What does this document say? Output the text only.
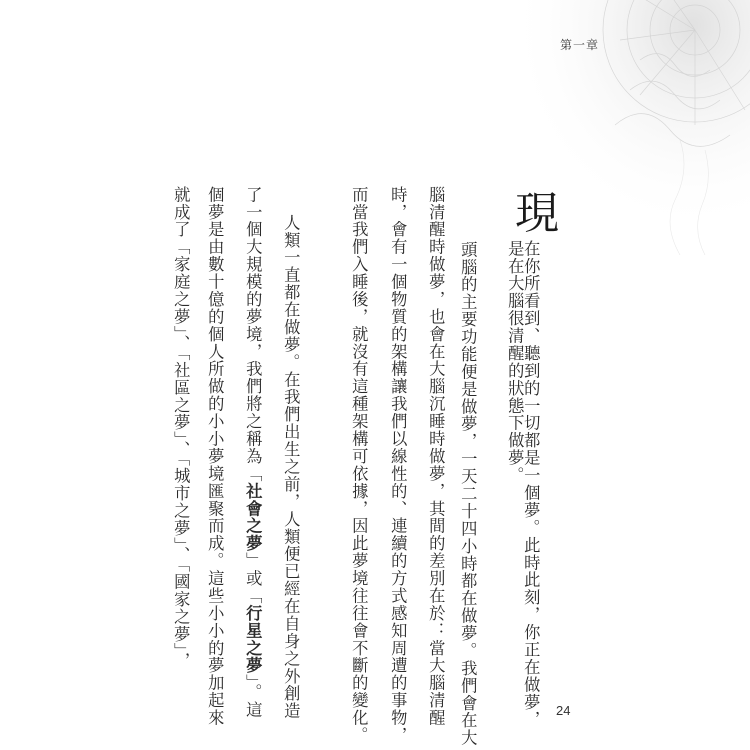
第一章
現
在你所看到、聽到的一切都是一個夢。此時此刻，你正在做夢，
是在大腦很清醒的狀態下做夢。
頭腦的主要功能便是做夢，一天二十四小時都在做夢。我們會在大
腦清醒時做夢，也會在大腦沉睡時做夢，其間的差別在於：當大腦清醒
時，會有一個物質的架構讓我們以線性的、連續的方式感知周遭的事物，
而當我們入睡後，就沒有這種架構可依據，因此夢境往往會不斷的變化。
人類一直都在做夢。在我們出生之前，人類便已經在自身之外創造
了一個大規模的夢境，我們將之稱為「社會之夢」或「行星之夢」。這
個夢是由數十億的個人所做的小小夢境匯聚而成。這些小小的夢加起來
就成了「家庭之夢」、「社區之夢」、「城市之夢」、「國家之夢」，
24
